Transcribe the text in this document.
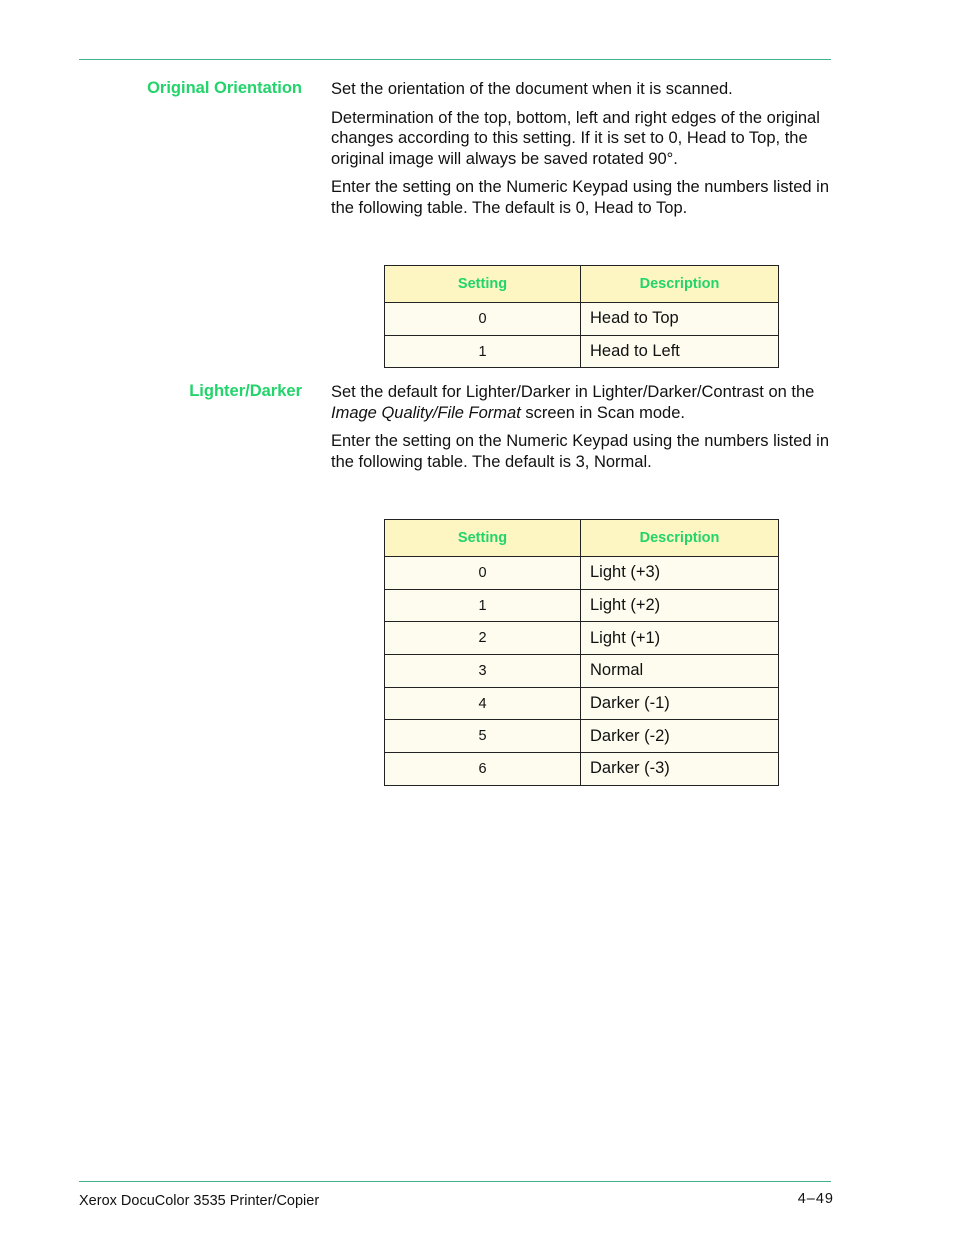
Original Orientation Set the orientation of the document when it is scanned.

Determination of the top, bottom, left and right edges of the original changes according to this setting. If it is set to 0, Head to Top, the original image will always be saved rotated 90°.

Enter the setting on the Numeric Keypad using the numbers listed in the following table. The default is 0, Head to Top.

Setting	Description
0	Head to Top
1	Head to Left
Lighter/Darker Set the default for Lighter/Darker in Lighter/Darker/Contrast on the Image Quality/File Format screen in Scan mode.

Enter the setting on the Numeric Keypad using the numbers listed in the following table. The default is 3, Normal.

Setting	Description
0	Light (+3)
1	Light (+2)
2	Light (+1)
3	Normal
4	Darker (-1)
5	Darker (-2)
6	Darker (-3)
Xerox DocuColor 3535 Printer/Copier	4–49
